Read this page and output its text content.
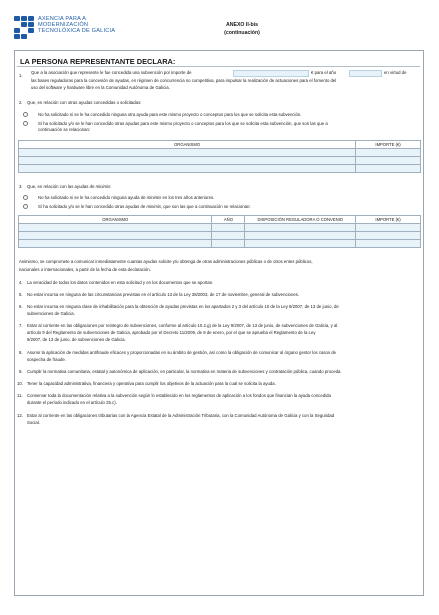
AXENCIA PARA A
MODERNIZACIÓN
TECNOLÓXICA DE GALICIA
ANEXO II-bis
(continuación)
LA PERSONA REPRESENTANTE DECLARA:
1.
Que a la asociación que represente le fue concedida una subvención por importe de	€ para el año	en virtud de
las bases reguladoras para la concesión de ayudas, en régimen de concurrencia no competitiva, para impulsar la realización de actuaciones para el fomento del
uso del software y hardware libre en la Comunidad Autónoma de Galicia.
2. Que, en relación con otras ayudas concedidas o solicitadas:
No ha solicitado ni se le ha concedido ninguna otra ayuda para este mismo proyecto o conceptos para los que se solicita esta subvención.
Sí ha solicitado y/o se le han concedido otras ayudas para este mismo proyecto o conceptos para los que se solicita esta subvención, que son las que a
continuación se relacionan:
ORGANISMO	IMPORTE (€)

3. Que, en relación con las ayudas de minimis:
No ha solicitado ni se le ha concedido ninguna ayuda de minimis en los tres años anteriores.
Sí ha solicitado y/o se le han concedido otras ayudas de minimis, que son las que a continuación se relacionan:
ORGANISMO	AÑO	DISPOSICIÓN REGULADORA O CONVENIO	IMPORTE (€)

Asimismo, se compromete a comunicar inmediatamente cuantas ayudas solicite y/u obtenga de otras administraciones públicas o de otros entes públicos,
nacionales o internacionales, a partir de la fecha de esta declaración.
4. La veracidad de todos los datos contenidos en esta solicitud y en los documentos que se aportan.
5. No estar incursa en ninguna de las circunstancias previstas en el artículo 13 de la Ley 38/2003, de 17 de noviembre, general de subvenciones.
6. No estar incursa en ninguna clase de inhabilitación para la obtención de ayudas previstas en los apartados 2 y 3 del artículo 10 de la Ley 9/2007, de 13 de junio, de
subvenciones de Galicia.
7. Estar al corriente en las obligaciones por reintegro de subvenciones, conforme al artículo 10.2.g) de la Ley 9/2007, de 13 de junio, de subvenciones de Galicia, y al
artículo 9 del Reglamento de subvenciones de Galicia, aprobado por el Decreto 11/2009, de 8 de enero, por el que se aprueba el Reglamento de la Ley
9/2007, de 13 de junio, de subvenciones de Galicia.
8. Asumir la aplicación de medidas antifraude eficaces y proporcionadas en su ámbito de gestión, así como la obligación de comunicar al órgano gestor los casos de
sospecha de fraude.
9. Cumplir la normativa comunitaria, estatal y autonómica de aplicación, en particular, la normativa en materia de subvenciones y contratación pública, cuando proceda.
10. Tener la capacidad administrativa, financiera y operativa para cumplir los objetivos de la actuación para la cual se solicita la ayuda.
11. Conservar toda la documentación relativa a la subvención según lo establecido en los reglamentos de aplicación a los fondos que financian la ayuda concedida
durante el período indicado en el artículo 25.c).
12. Estar al corriente en las obligaciones tributarias con la Agencia Estatal de la Administración Tributaria, con la Comunidad Autónoma de Galicia y con la Seguridad
Social.
